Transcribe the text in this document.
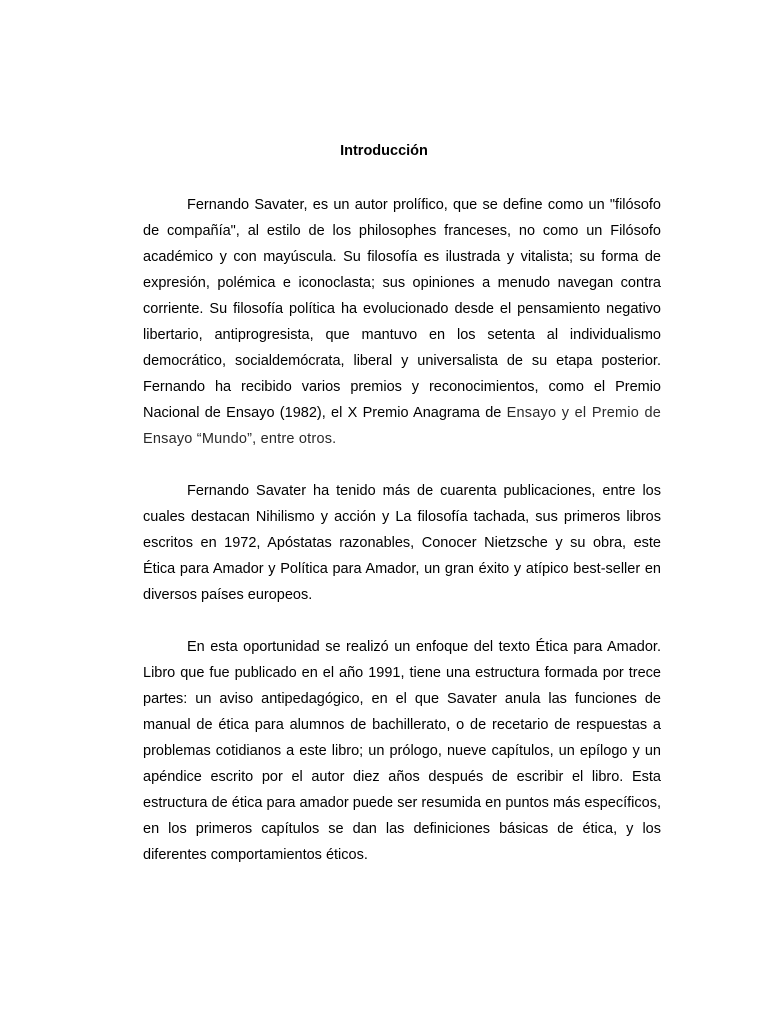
Introducción

Fernando Savater, es un autor prolífico, que se define como un "filósofo de compañía", al estilo de los philosophes franceses, no como un Filósofo académico y con mayúscula. Su filosofía es ilustrada y vitalista; su forma de expresión, polémica e iconoclasta; sus opiniones a menudo navegan contra corriente. Su filosofía política ha evolucionado desde el pensamiento negativo libertario, antiprogresista, que mantuvo en los setenta al individualismo democrático, socialdemócrata, liberal y universalista de su etapa posterior. Fernando ha recibido varios premios y reconocimientos, como el Premio Nacional de Ensayo (1982), el X Premio Anagrama de Ensayo y el Premio de Ensayo “Mundo”, entre otros.

Fernando Savater ha tenido más de cuarenta publicaciones, entre los cuales destacan Nihilismo y acción y La filosofía tachada, sus primeros libros escritos en 1972, Apóstatas razonables, Conocer Nietzsche y su obra, este Ética para Amador y Política para Amador, un gran éxito y atípico best-seller en diversos países europeos.

En esta oportunidad se realizó un enfoque del texto Ética para Amador. Libro que fue publicado en el año 1991, tiene una estructura formada por trece partes: un aviso antipedagógico, en el que Savater anula las funciones de manual de ética para alumnos de bachillerato, o de recetario de respuestas a problemas cotidianos a este libro; un prólogo, nueve capítulos, un epílogo y un apéndice escrito por el autor diez años después de escribir el libro. Esta estructura de ética para amador puede ser resumida en puntos más específicos, en los primeros capítulos se dan las definiciones básicas de ética, y los diferentes comportamientos éticos.
